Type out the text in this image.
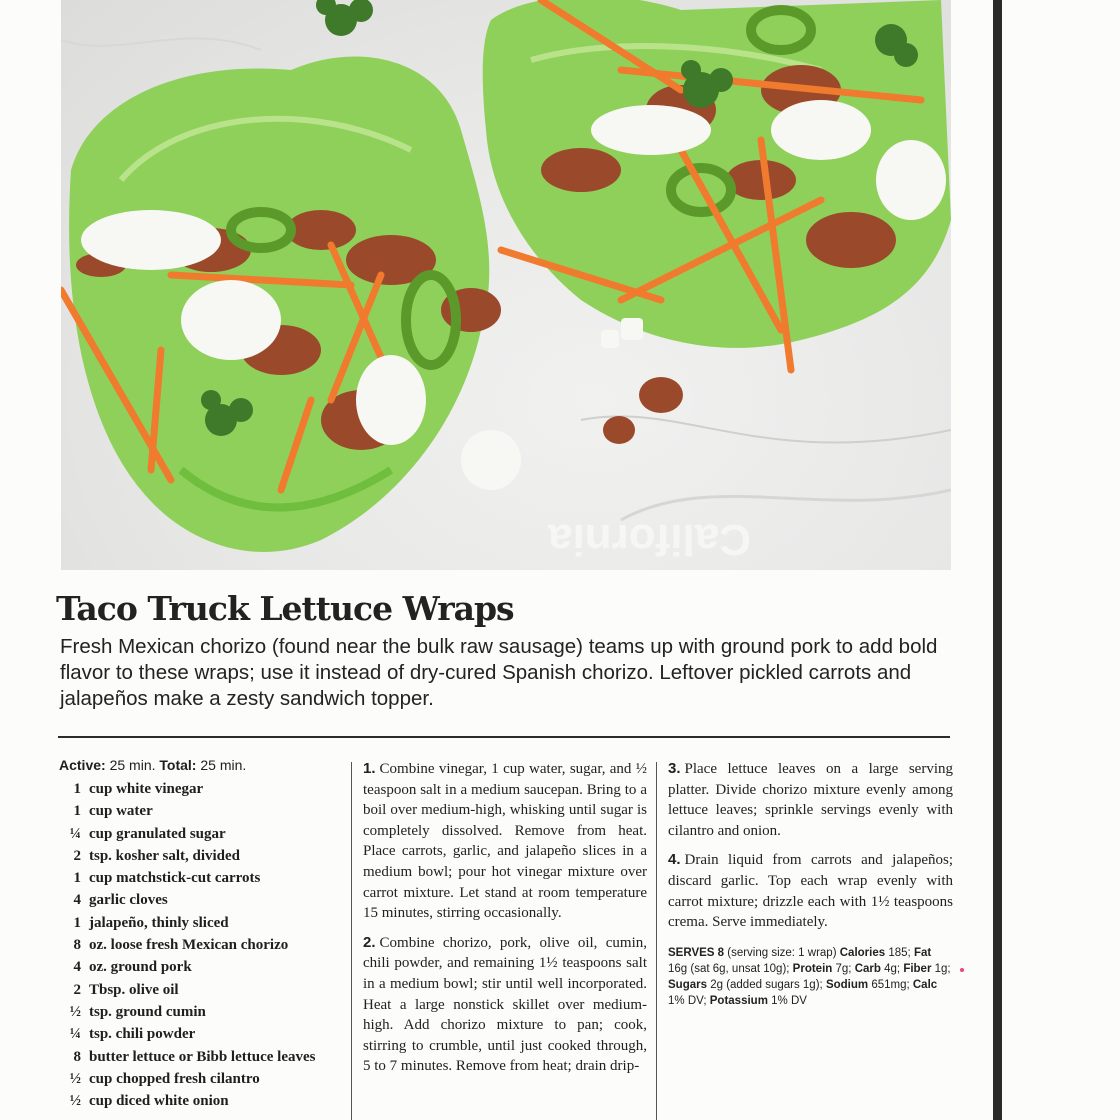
California
Taco Truck Lettuce Wraps

Fresh Mexican chorizo (found near the bulk raw sausage) teams up with ground pork to add bold flavor to these wraps; use it instead of dry-cured Spanish chorizo. Leftover pickled carrots and jalapeños make a zesty sandwich topper.

Active: 25 min. Total: 25 min.

1 cup white vinegar
1 cup water
¼ cup granulated sugar
2 tsp. kosher salt, divided
1 cup matchstick-cut carrots
4 garlic cloves
1 jalapeño, thinly sliced
8 oz. loose fresh Mexican chorizo
4 oz. ground pork
2 Tbsp. olive oil
½ tsp. ground cumin
¼ tsp. chili powder
8 butter lettuce or Bibb lettuce leaves
½ cup chopped fresh cilantro
½ cup diced white onion

1. Combine vinegar, 1 cup water, sugar, and ½ teaspoon salt in a medium saucepan. Bring to a boil over medium-high, whisking until sugar is completely dissolved. Remove from heat. Place carrots, garlic, and jalapeño slices in a medium bowl; pour hot vinegar mixture over carrot mixture. Let stand at room temperature 15 minutes, stirring occasionally.

2. Combine chorizo, pork, olive oil, cumin, chili powder, and remaining 1½ teaspoons salt in a medium bowl; stir until well incorporated. Heat a large nonstick skillet over medium-high. Add chorizo mixture to pan; cook, stirring to crumble, until just cooked through, 5 to 7 minutes. Remove from heat; drain drip-

3. Place lettuce leaves on a large serving platter. Divide chorizo mixture evenly among lettuce leaves; sprinkle servings evenly with cilantro and onion.

4. Drain liquid from carrots and jalapeños; discard garlic. Top each wrap evenly with carrot mixture; drizzle each with 1½ teaspoons crema. Serve immediately.

SERVES 8 (serving size: 1 wrap) Calories 185; Fat 16g (sat 6g, unsat 10g); Protein 7g; Carb 4g; Fiber 1g; Sugars 2g (added sugars 1g); Sodium 651mg; Calc 1% DV; Potassium 1% DV
